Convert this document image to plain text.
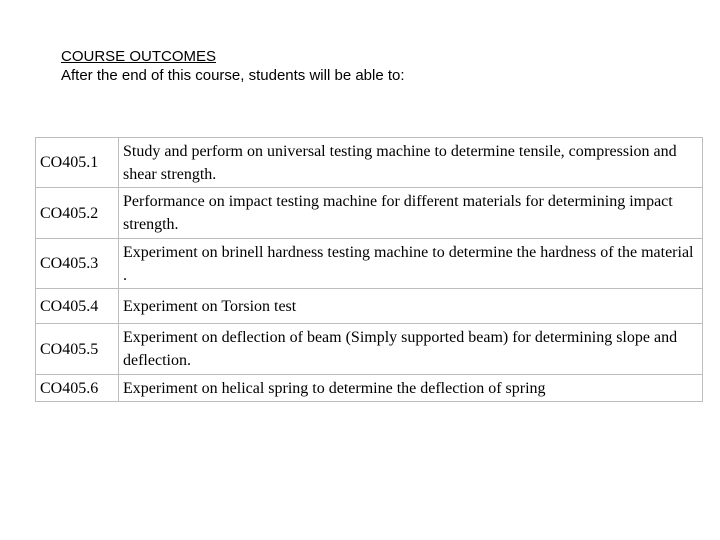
COURSE OUTCOMES
After the end of this course, students will be able to:
CO405.1	Study and perform on universal testing machine to determine tensile, compression and shear strength.
CO405.2	Performance on impact testing machine for different materials for determining impact strength.
CO405.3	Experiment on brinell hardness testing machine to determine the hardness of the material .
CO405.4	Experiment on Torsion test
CO405.5	Experiment on deflection of beam (Simply supported beam) for determining slope and deflection.
CO405.6	Experiment on helical spring to determine the deflection of spring
